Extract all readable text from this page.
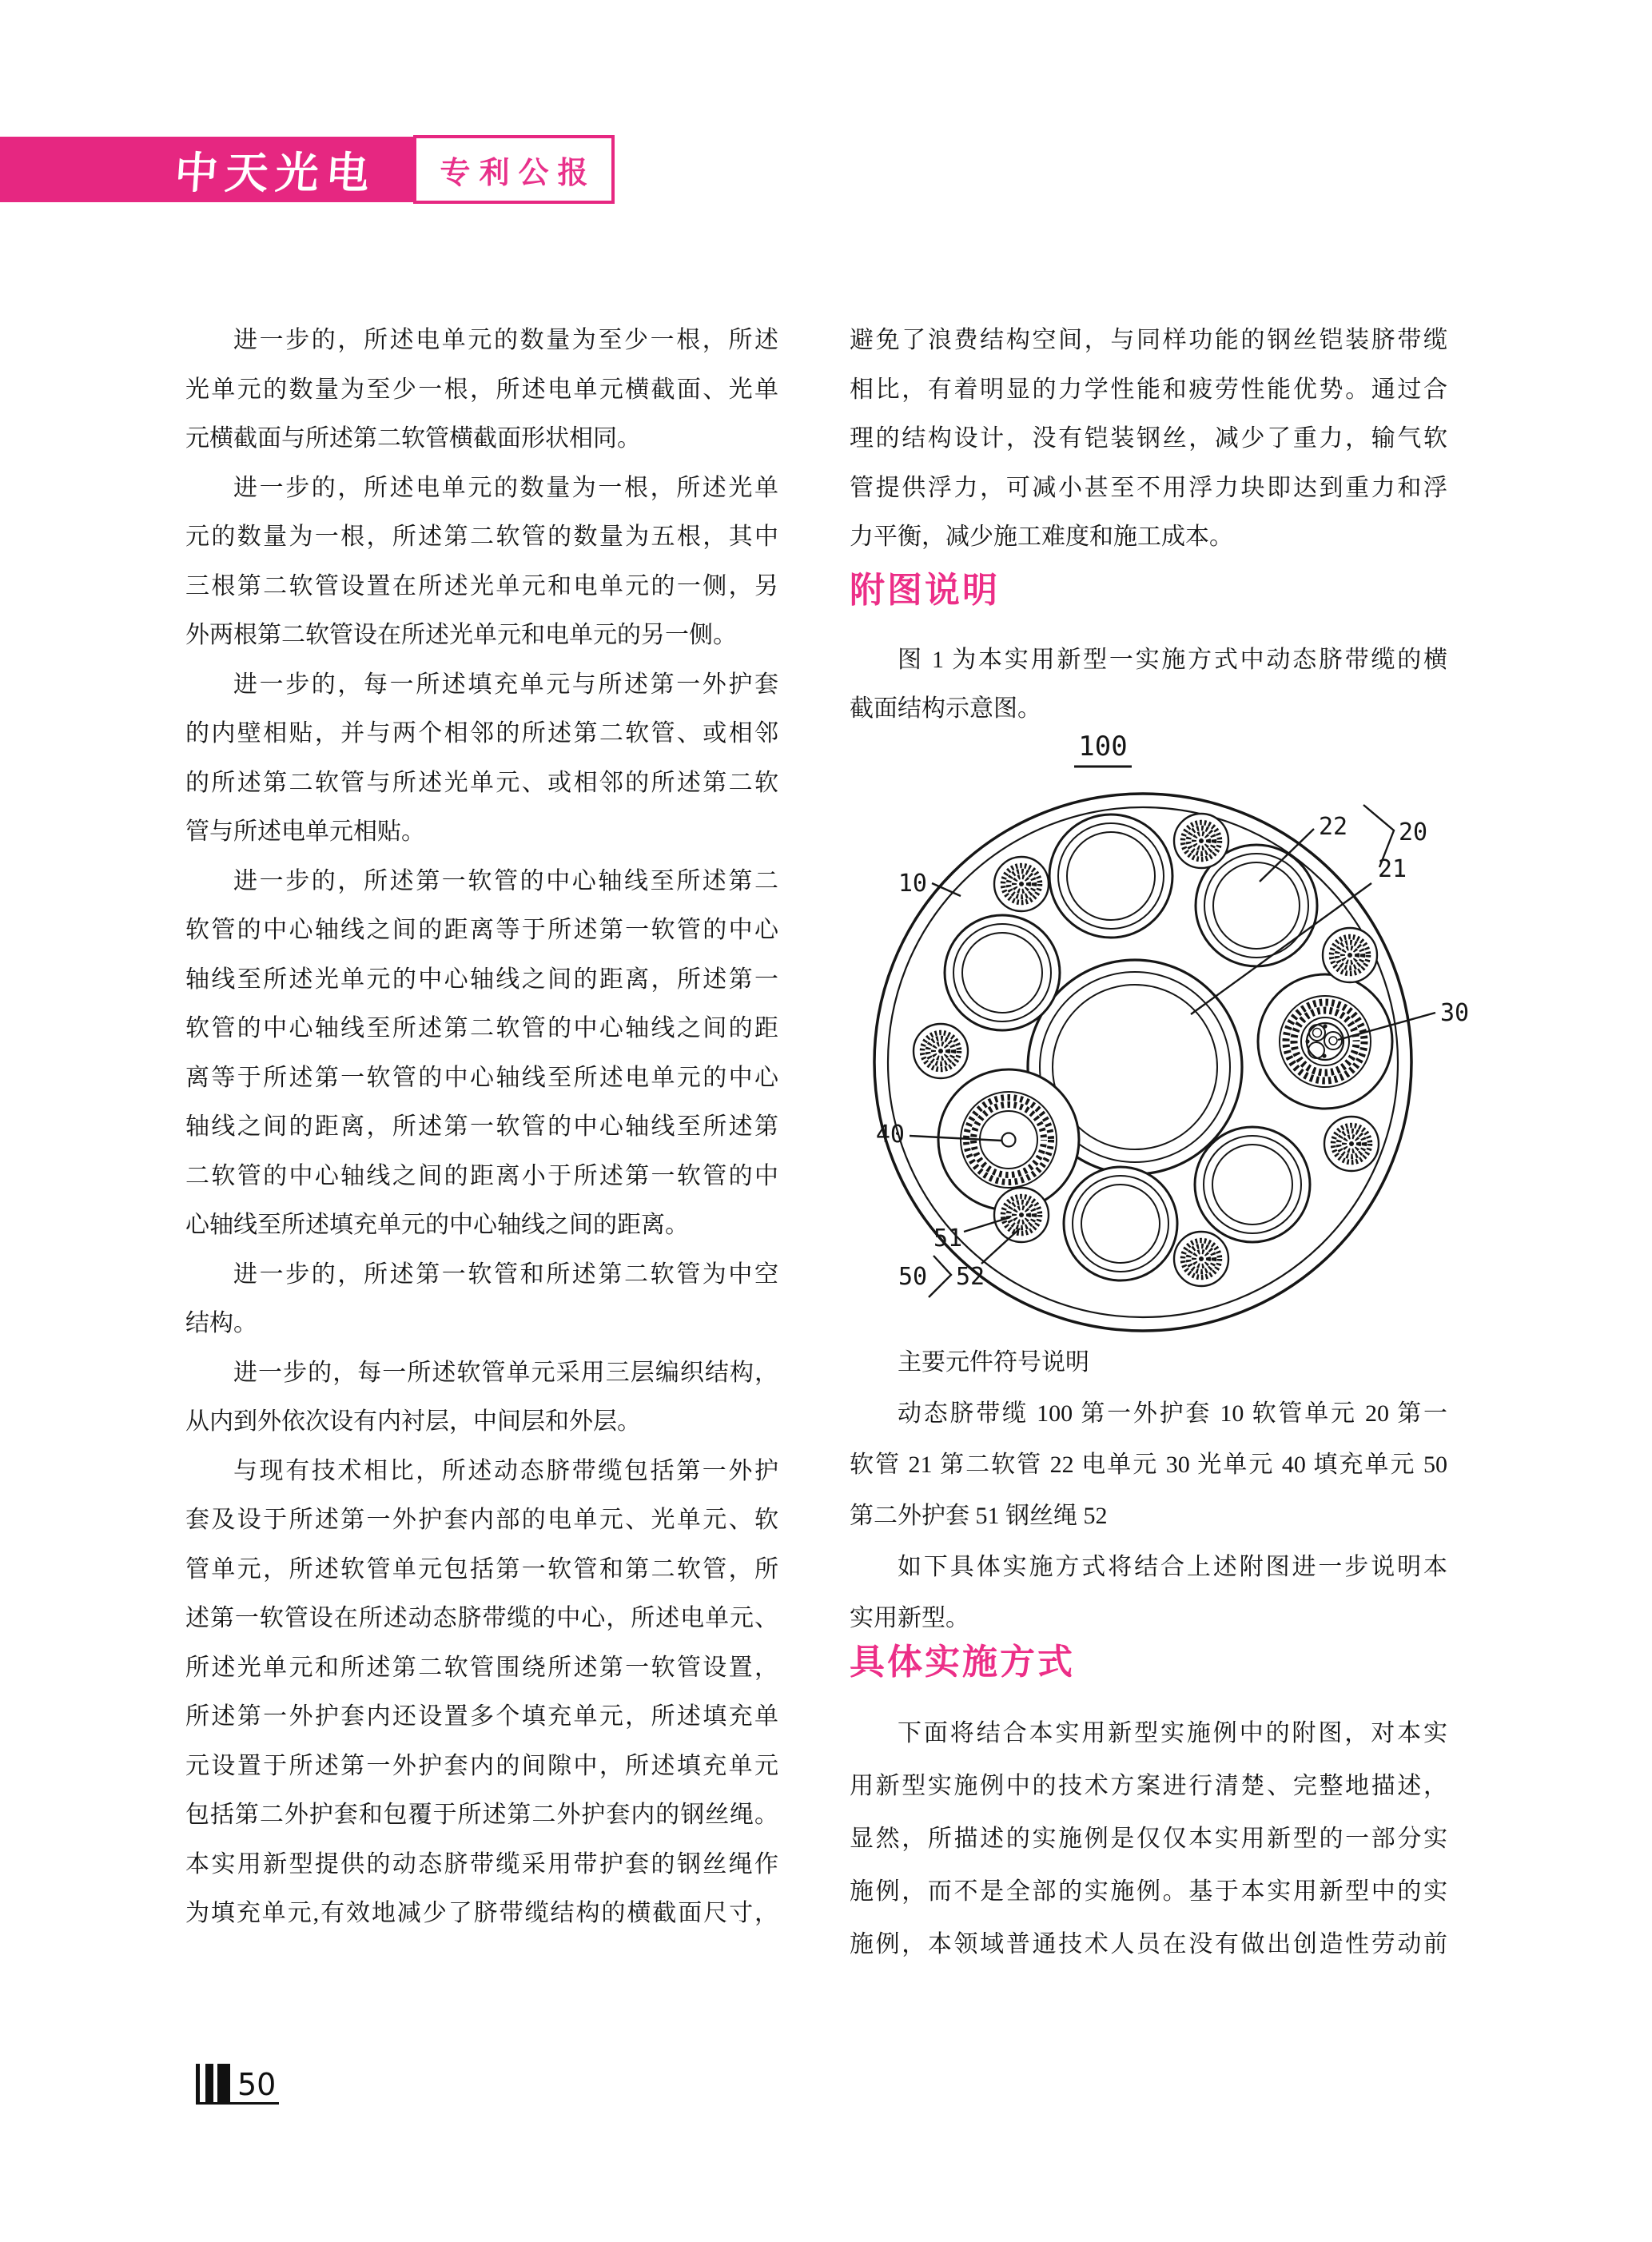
中天光电 专利公报
进一步的，所述电单元的数量为至少一根，所述
光单元的数量为至少一根，所述电单元横截面、光单
元横截面与所述第二软管横截面形状相同。
进一步的，所述电单元的数量为一根，所述光单
元的数量为一根，所述第二软管的数量为五根，其中
三根第二软管设置在所述光单元和电单元的一侧，另
外两根第二软管设在所述光单元和电单元的另一侧。
进一步的，每一所述填充单元与所述第一外护套
的内壁相贴，并与两个相邻的所述第二软管、或相邻
的所述第二软管与所述光单元、或相邻的所述第二软
管与所述电单元相贴。
进一步的，所述第一软管的中心轴线至所述第二
软管的中心轴线之间的距离等于所述第一软管的中心
轴线至所述光单元的中心轴线之间的距离，所述第一
软管的中心轴线至所述第二软管的中心轴线之间的距
离等于所述第一软管的中心轴线至所述电单元的中心
轴线之间的距离，所述第一软管的中心轴线至所述第
二软管的中心轴线之间的距离小于所述第一软管的中
心轴线至所述填充单元的中心轴线之间的距离。
进一步的，所述第一软管和所述第二软管为中空
结构。
进一步的，每一所述软管单元采用三层编织结构，
从内到外依次设有内衬层，中间层和外层。
与现有技术相比，所述动态脐带缆包括第一外护
套及设于所述第一外护套内部的电单元、光单元、软
管单元，所述软管单元包括第一软管和第二软管，所
述第一软管设在所述动态脐带缆的中心，所述电单元、
所述光单元和所述第二软管围绕所述第一软管设置，
所述第一外护套内还设置多个填充单元，所述填充单
元设置于所述第一外护套内的间隙中，所述填充单元
包括第二外护套和包覆于所述第二外护套内的钢丝绳。
本实用新型提供的动态脐带缆采用带护套的钢丝绳作
为填充单元,有效地减少了脐带缆结构的横截面尺寸，
避免了浪费结构空间，与同样功能的钢丝铠装脐带缆
相比，有着明显的力学性能和疲劳性能优势。通过合
理的结构设计，没有铠装钢丝，减少了重力，输气软
管提供浮力，可减小甚至不用浮力块即达到重力和浮
力平衡，减少施工难度和施工成本。
附图说明
图 1 为本实用新型一实施方式中动态脐带缆的横
截面结构示意图。
100
10
22 20
21
30
40
51
50 52
主要元件符号说明
动态脐带缆 100 第一外护套 10 软管单元 20 第一
软管 21 第二软管 22 电单元 30 光单元 40 填充单元 50
第二外护套 51 钢丝绳 52
如下具体实施方式将结合上述附图进一步说明本
实用新型。
具体实施方式
下面将结合本实用新型实施例中的附图，对本实
用新型实施例中的技术方案进行清楚、完整地描述，
显然，所描述的实施例是仅仅本实用新型的一部分实
施例，而不是全部的实施例。基于本实用新型中的实
施例，本领域普通技术人员在没有做出创造性劳动前
50
